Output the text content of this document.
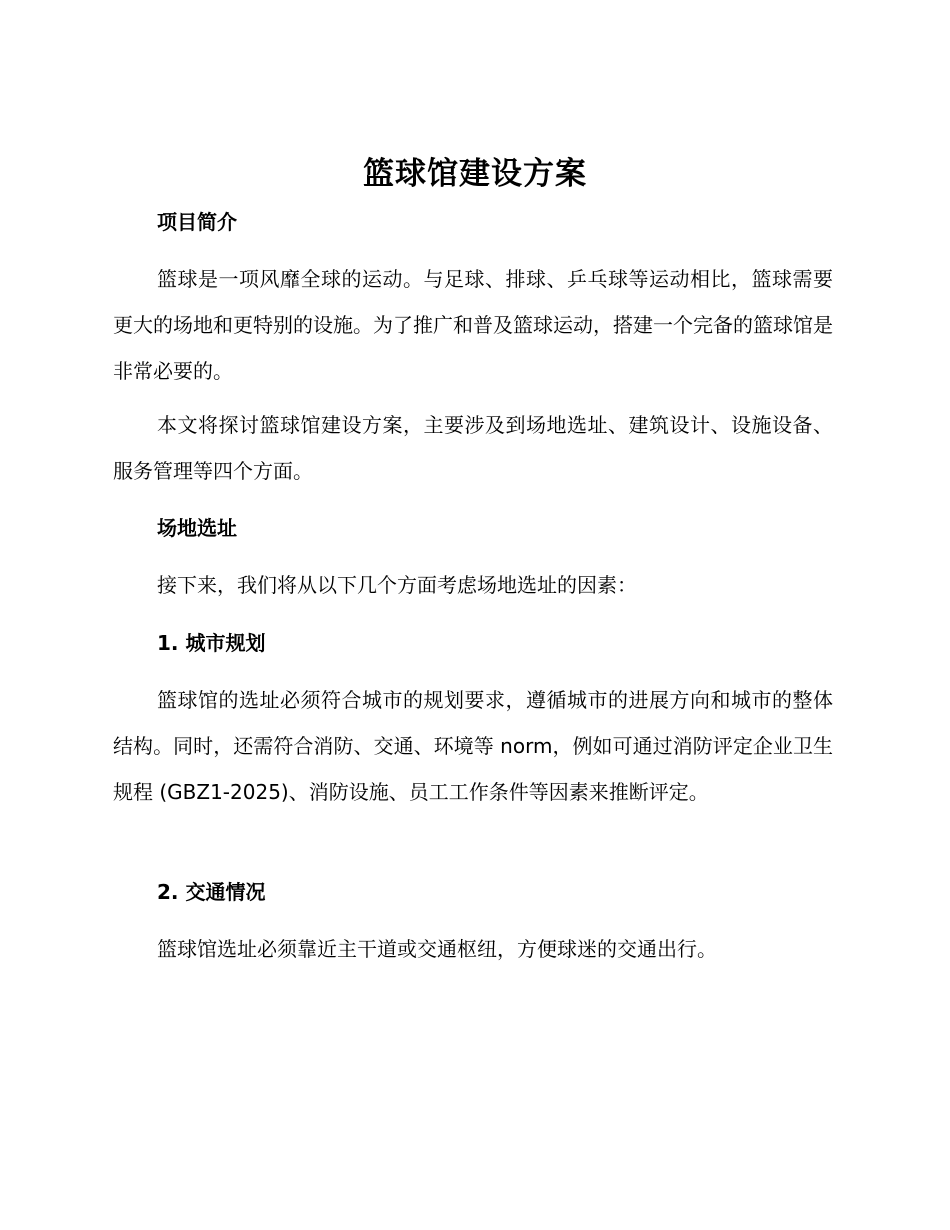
篮球馆建设方案
项目简介
篮球是一项风靡全球的运动。与足球、排球、乒乓球等运动相比，篮球需要更大的场地和更特别的设施。为了推广和普及篮球运动，搭建一个完备的篮球馆是非常必要的。
本文将探讨篮球馆建设方案，主要涉及到场地选址、建筑设计、设施设备、服务管理等四个方面。
场地选址
接下来，我们将从以下几个方面考虑场地选址的因素：
1. 城市规划
篮球馆的选址必须符合城市的规划要求，遵循城市的进展方向和城市的整体结构。同时，还需符合消防、交通、环境等 norm，例如可通过消防评定企业卫生规程 (GBZ1-2025)、消防设施、员工工作条件等因素来推断评定。
2. 交通情况
篮球馆选址必须靠近主干道或交通枢纽，方便球迷的交通出行。
